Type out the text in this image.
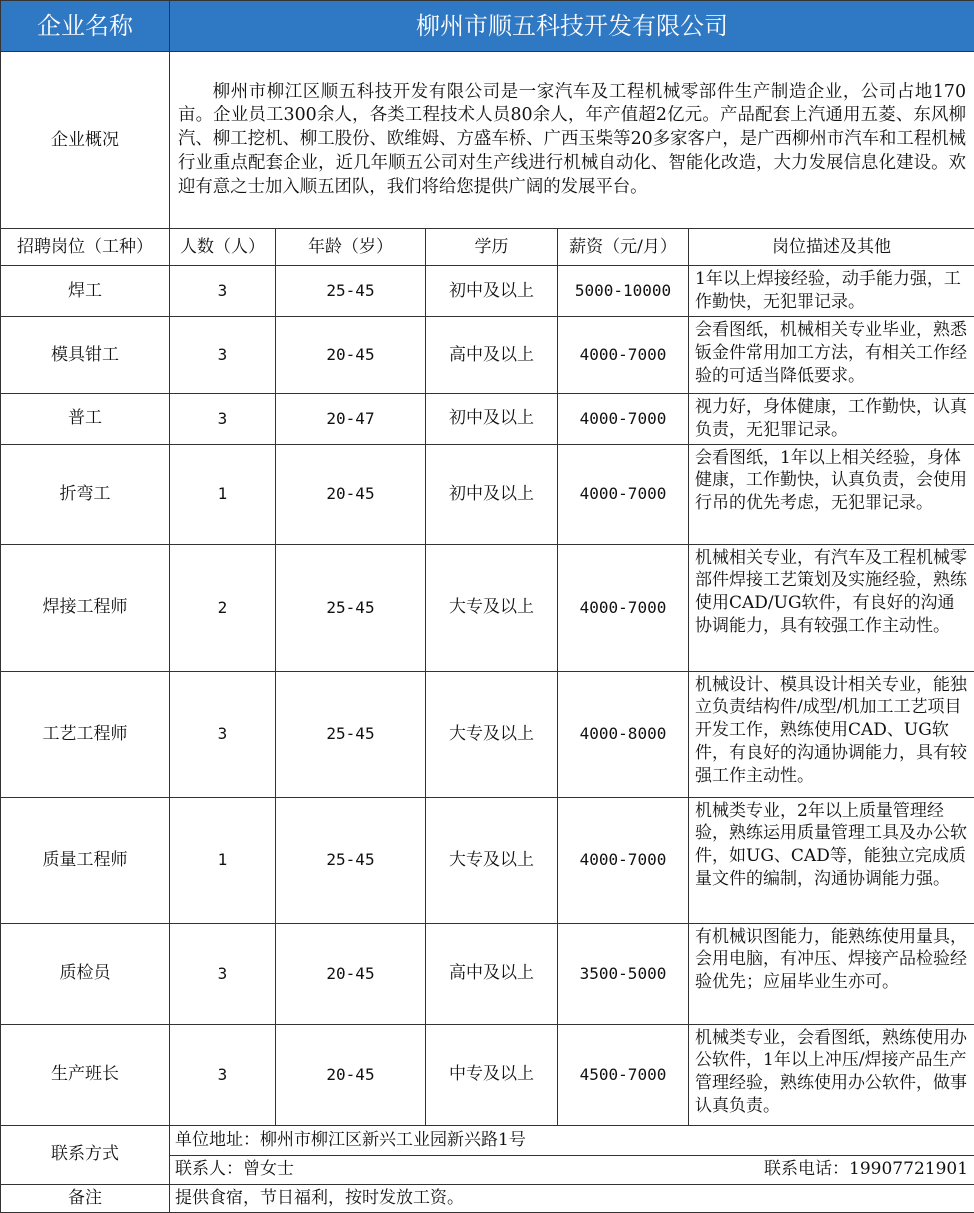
企业名称	柳州市顺五科技开发有限公司				
企业概况	柳州市柳江区顺五科技开发有限公司是一家汽车及工程机械零部件生产制造企业，公司占地170亩。企业员工300余人，各类工程技术人员80余人，年产值超2亿元。产品配套上汽通用五菱、东风柳汽、柳工挖机、柳工股份、欧维姆、方盛车桥、广西玉柴等20多家客户，是广西柳州市汽车和工程机械行业重点配套企业，近几年顺五公司对生产线进行机械自动化、智能化改造，大力发展信息化建设。欢迎有意之士加入顺五团队，我们将给您提供广阔的发展平台。				
招聘岗位（工种）	人数（人）	年龄（岁）	学历	薪资（元/月）	岗位描述及其他
焊工	3	25-45	初中及以上	5000-10000	1年以上焊接经验，动手能力强，工作勤快，无犯罪记录。
模具钳工	3	20-45	高中及以上	4000-7000	会看图纸，机械相关专业毕业，熟悉钣金件常用加工方法，有相关工作经验的可适当降低要求。
普工	3	20-47	初中及以上	4000-7000	视力好，身体健康，工作勤快，认真负责，无犯罪记录。
折弯工	1	20-45	初中及以上	4000-7000	会看图纸，1年以上相关经验，身体健康，工作勤快，认真负责，会使用行吊的优先考虑，无犯罪记录。
焊接工程师	2	25-45	大专及以上	4000-7000	机械相关专业，有汽车及工程机械零部件焊接工艺策划及实施经验，熟练使用CAD/UG软件，有良好的沟通协调能力，具有较强工作主动性。
工艺工程师	3	25-45	大专及以上	4000-8000	机械设计、模具设计相关专业，能独立负责结构件/成型/机加工工艺项目开发工作，熟练使用CAD、UG软件，有良好的沟通协调能力，具有较强工作主动性。
质量工程师	1	25-45	大专及以上	4000-7000	机械类专业，2年以上质量管理经验，熟练运用质量管理工具及办公软件，如UG、CAD等，能独立完成质量文件的编制，沟通协调能力强。
质检员	3	20-45	高中及以上	3500-5000	有机械识图能力，能熟练使用量具，会用电脑，有冲压、焊接产品检验经验优先；应届毕业生亦可。
生产班长	3	20-45	中专及以上	4500-7000	机械类专业，会看图纸，熟练使用办公软件，1年以上冲压/焊接产品生产管理经验，熟练使用办公软件，做事认真负责。
联系方式	单位地址：柳州市柳江区新兴工业园新兴路1号				

	联系人：曾女士 联系电话：19907721901				

备注	提供食宿，节日福利，按时发放工资。				
